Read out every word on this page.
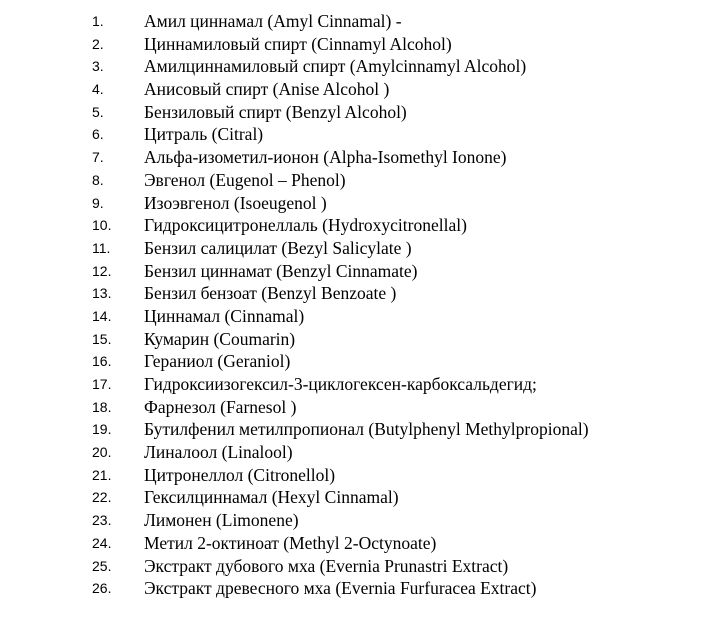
1.	Амил циннамал (Amyl Cinnamal) -
2.	Циннамиловый спирт (Cinnamyl Alcohol)
3.	Амилциннамиловый спирт (Amylcinnamyl Alcohol)
4.	Анисовый спирт (Anise Alcohol )
5.	Бензиловый спирт (Benzyl Alcohol)
6.	Цитраль (Citral)
7.	Альфа-изометил-ионон (Alpha-Isomethyl Ionone)
8.	Эвгенол (Eugenol – Phenol)
9.	Изоэвгенол (Isoeugenol )
10.	Гидроксицитронеллаль (Hydroxycitronellal)
11.	Бензил салицилат (Bezyl Salicylate )
12.	Бензил циннамат (Benzyl Cinnamate)
13.	Бензил бензоат (Benzyl Benzoate )
14.	Циннамал (Cinnamal)
15.	Кумарин (Coumarin)
16.	Гераниол (Geraniol)
17.	Гидроксиизогексил-3-циклогексен-карбоксальдегид;
18.	Фарнезол (Farnesol )
19.	Бутилфенил метилпропионал (Butylphenyl Methylpropional)
20.	Линалоол (Linalool)
21.	Цитронеллол (Citronellol)
22.	Гексилциннамал (Hexyl Cinnamal)
23.	Лимонен (Limonene)
24.	Метил 2-октиноат (Methyl 2-Octynoate)
25.	Экстракт дубового мха (Evernia Prunastri Extract)
26.	Экстракт древесного мха (Evernia Furfuracea Extract)
